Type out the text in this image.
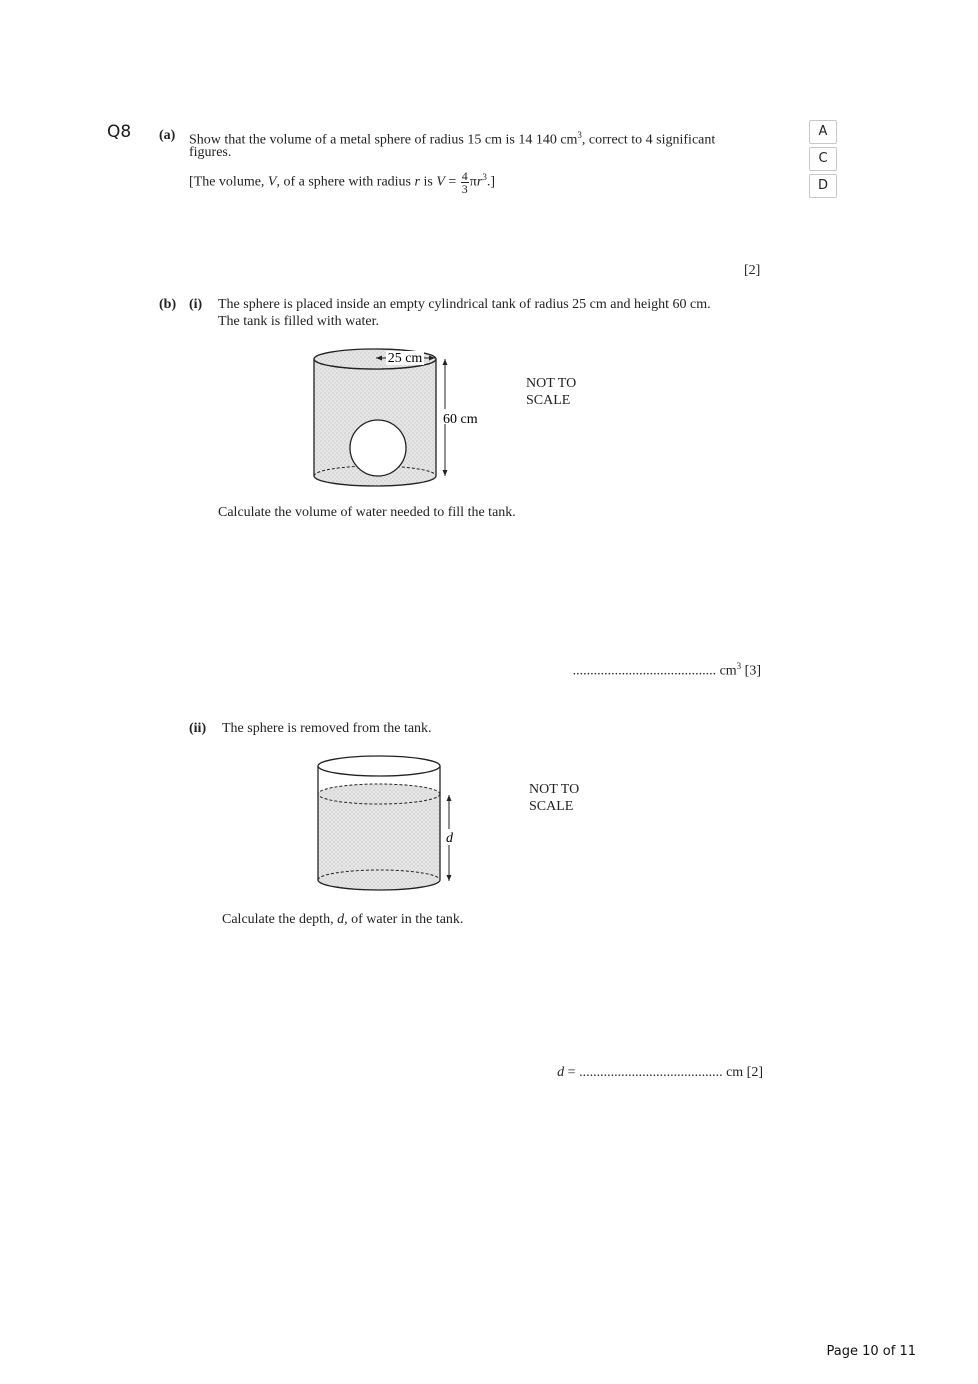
Q8	A
C
D
(a) Show that the volume of a metal sphere of radius 15 cm is 14 140 $cm^3$, correct to 4 significant
figures.
[The volume, V, of a sphere with radius r is $V = \frac{4}{3} \pi r^3$.]
[2]
(b) (i) The sphere is placed inside an empty cylindrical tank of radius 25 cm and height 60 cm.
The tank is filled with water.
25 cm
60 cm
NOT TO
SCALE
Calculate the volume of water needed to fill the tank.
......................................... $cm^3$ [3]
(ii) The sphere is removed from the tank.
d
NOT TO
SCALE
Calculate the depth, d, of water in the tank.
d = ......................................... cm [2]
Page 10 of 11
